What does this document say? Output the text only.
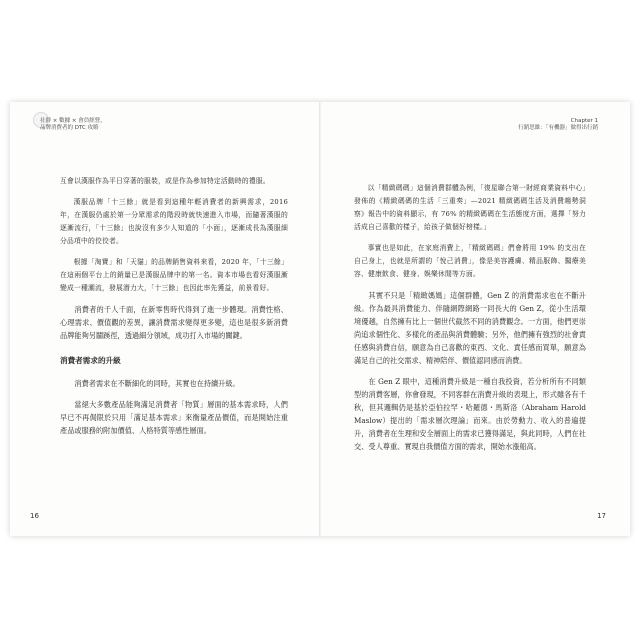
社群 × 數據 × 會員經營，
品牌消費者的 DTC 攻略
Chapter 1
行銷思維：「有機器」做得出行銷

互會以漢服作為平日穿著的服裝，或是作為參加特定活動時的禮服。

漢服品牌「十三餘」就是看到這種年輕消費者的新興需求，2016 年，在漢服仍處於第一分眾需求的階段時就快速進入市場，而隨著漢服的逐漸流行，「十三餘」也說沒有多少人知道的「小面」，逐漸成長為漢服細分品項中的佼佼者。

根據「淘寶」和「天貓」的品牌銷售資料來看，2020 年，「十三餘」在這兩個平台上的銷量已是漢服品牌中的第一名。資本市場也看好漢服漸變成一種潮流，發展潛力大，「十三餘」也因此率先獲益，前景看好。

消費者的千人千面，在新零售時代得到了進一步體現。消費性格、心理需求、價值觀的差異，讓消費需求變得更多變，這也是很多新消費品牌能夠另闢蹊徑，透過細分領域，成功打入市場的關鍵。

消費者需求的升級

消費者需求在不斷細化的同時，其實也在持續升級。

當絕大多數產品能夠滿足消費者「物質」層面的基本需求時，人們早已不再侷限於只用「滿足基本需求」來衡量產品價值，而是開始注重產品或服務的附加價值、人格特質等感性層面。

以「精緻碼碼」這個消費群體為例，「復星聯合第一財經商業資料中心」發佈的《精緻碼碼的生活「三重奏」—2021 精緻碼碼生活及消費趨勢洞察》報告中的資料顯示，有 76% 的精緻碼碼在生活態度方面，選擇「努力活成自己喜歡的樣子，給孩子做個好榜樣。」

事實也是如此，在家庭消費上，「精緻碼碼」們會將用 19% 的支出在自己身上，也就是所謂的「悅己消費」，像是美容護膚、精品服飾、醫療美容、健康飲食、健身、娛樂休閒等方面。

其實不只是「精緻媽媽」這個群體，Gen Z 的消費需求也在不斷升級。作為最具消費能力、伴隨網際網路一同長大的 Gen Z，從小生活環境優越，自然擁有比上一個世代截然不同的消費觀念。一方面，他們更崇尚追求個性化、多樣化的產品與消費體驗；另外，他們擁有強烈的社會責任感與消費自信，願意為自己喜歡的東西、文化、責任感而買單，願意為滿足自己的社交需求、精神陪伴、價值認同感而消費。

在 Gen Z 眼中，這種消費升級是一種自我投資，若分析所有不同類型的消費客層，你會發現，不同客群在消費升級的表現上，形式雖各有千秋，但其邏輯仍是基於亞伯拉罕・哈羅德・馬斯洛（Abraham Harold Maslow）提出的「需求層次理論」而來。由於勞動力、收入的普遍提升，消費者在生理和安全層面上的需求已獲得滿足，與此同時，人們在社交、受人尊重、實現自我價值方面的需求，開始水漲船高。

16	17
